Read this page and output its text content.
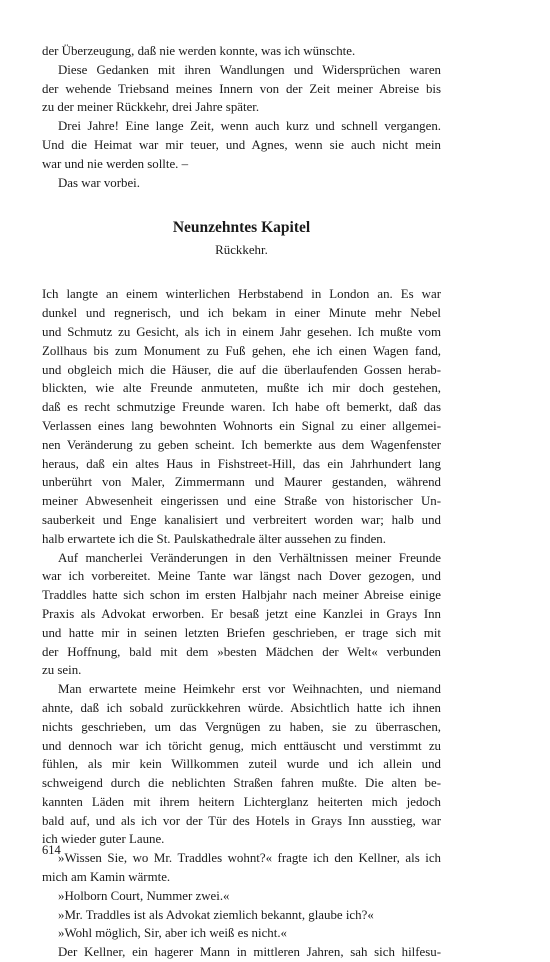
der Überzeugung, daß nie werden konnte, was ich wünschte.
Diese Gedanken mit ihren Wandlungen und Widersprüchen waren
der wehende Triebsand meines Innern von der Zeit meiner Abreise bis
zu der meiner Rückkehr, drei Jahre später.
Drei Jahre! Eine lange Zeit, wenn auch kurz und schnell vergangen.
Und die Heimat war mir teuer, und Agnes, wenn sie auch nicht mein
war und nie werden sollte. –
Das war vorbei.
Neunzehntes Kapitel
Rückkehr.
Ich langte an einem winterlichen Herbstabend in London an. Es war
dunkel und regnerisch, und ich bekam in einer Minute mehr Nebel
und Schmutz zu Gesicht, als ich in einem Jahr gesehen. Ich mußte vom
Zollhaus bis zum Monument zu Fuß gehen, ehe ich einen Wagen fand,
und obgleich mich die Häuser, die auf die überlaufenden Gossen herab-
blickten, wie alte Freunde anmuteten, mußte ich mir doch gestehen,
daß es recht schmutzige Freunde waren. Ich habe oft bemerkt, daß das
Verlassen eines lang bewohnten Wohnorts ein Signal zu einer allgemei-
nen Veränderung zu geben scheint. Ich bemerkte aus dem Wagenfenster
heraus, daß ein altes Haus in Fishstreet-Hill, das ein Jahrhundert lang
unberührt von Maler, Zimmermann und Maurer gestanden, während
meiner Abwesenheit eingerissen und eine Straße von historischer Un-
sauberkeit und Enge kanalisiert und verbreitert worden war; halb und
halb erwartete ich die St. Paulskathedrale älter aussehen zu finden.
Auf mancherlei Veränderungen in den Verhältnissen meiner Freunde
war ich vorbereitet. Meine Tante war längst nach Dover gezogen, und
Traddles hatte sich schon im ersten Halbjahr nach meiner Abreise einige
Praxis als Advokat erworben. Er besaß jetzt eine Kanzlei in Grays Inn
und hatte mir in seinen letzten Briefen geschrieben, er trage sich mit
der Hoffnung, bald mit dem »besten Mädchen der Welt« verbunden
zu sein.
Man erwartete meine Heimkehr erst vor Weihnachten, und niemand
ahnte, daß ich sobald zurückkehren würde. Absichtlich hatte ich ihnen
nichts geschrieben, um das Vergnügen zu haben, sie zu überraschen,
und dennoch war ich töricht genug, mich enttäuscht und verstimmt zu
fühlen, als mir kein Willkommen zuteil wurde und ich allein und
schweigend durch die neblichten Straßen fahren mußte. Die alten be-
kannten Läden mit ihrem heitern Lichterglanz heiterten mich jedoch
bald auf, und als ich vor der Tür des Hotels in Grays Inn ausstieg, war
ich wieder guter Laune.
»Wissen Sie, wo Mr. Traddles wohnt?« fragte ich den Kellner, als ich
mich am Kamin wärmte.
»Holborn Court, Nummer zwei.«
»Mr. Traddles ist als Advokat ziemlich bekannt, glaube ich?«
»Wohl möglich, Sir, aber ich weiß es nicht.«
Der Kellner, ein hagerer Mann in mittleren Jahren, sah sich hilfesu-
614
